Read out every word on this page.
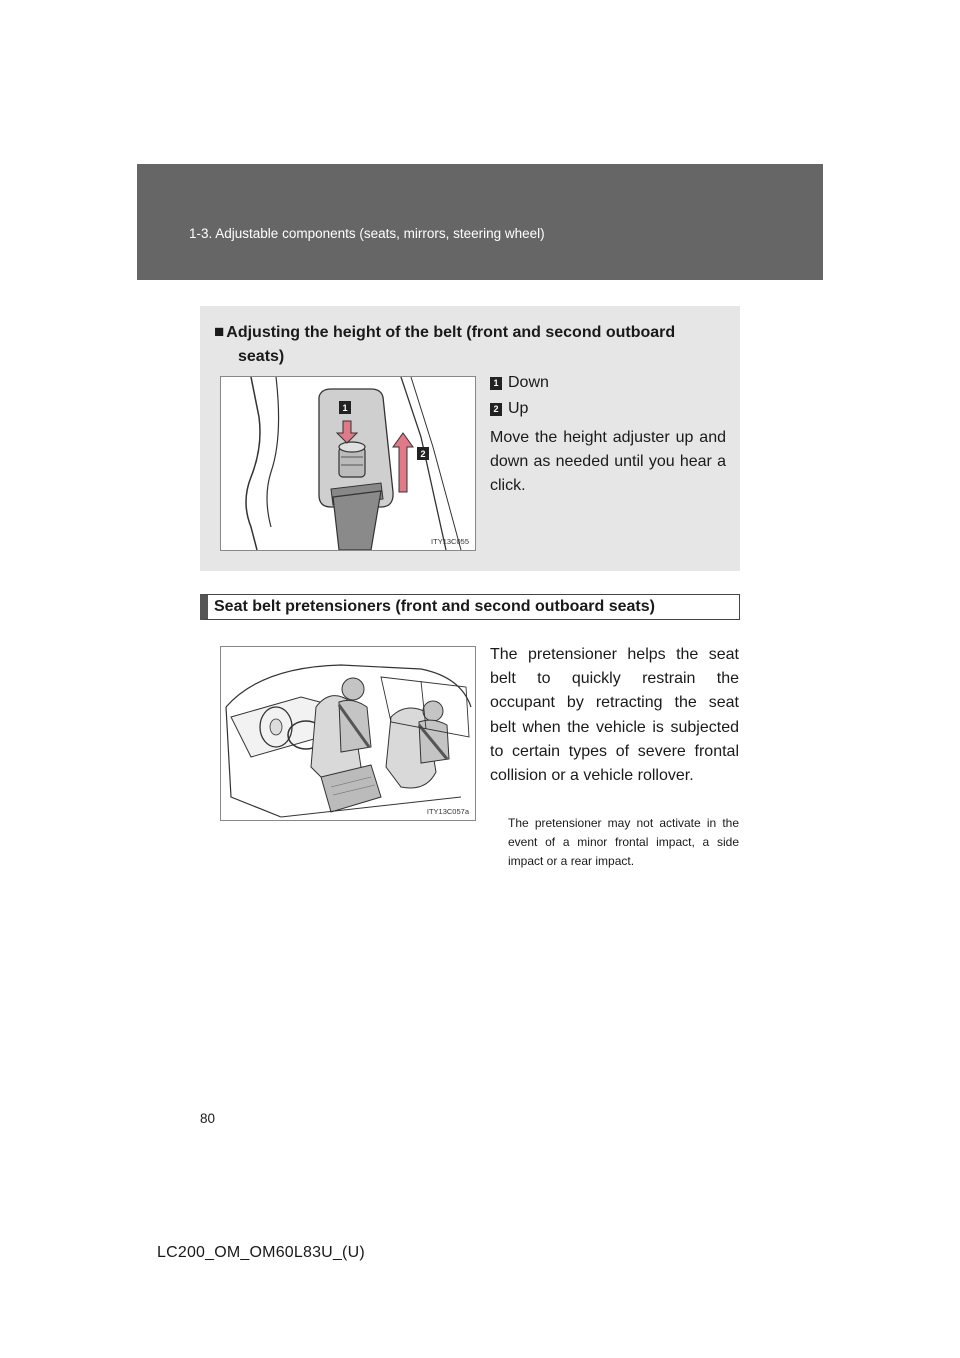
1-3. Adjustable components (seats, mirrors, steering wheel)
■ Adjusting the height of the belt (front and second outboard
seats)
1
2
ITY13C055
1 Down
2 Up
Move the height adjuster up and down as needed until you hear a click.
Seat belt pretensioners (front and second outboard seats)
ITY13C057a
The pretensioner helps the seat belt to quickly restrain the occupant by retracting the seat belt when the vehicle is subjected to certain types of severe frontal collision or a vehicle rollover.
The pretensioner may not activate in the event of a minor frontal impact, a side impact or a rear impact.
80
LC200_OM_OM60L83U_(U)
